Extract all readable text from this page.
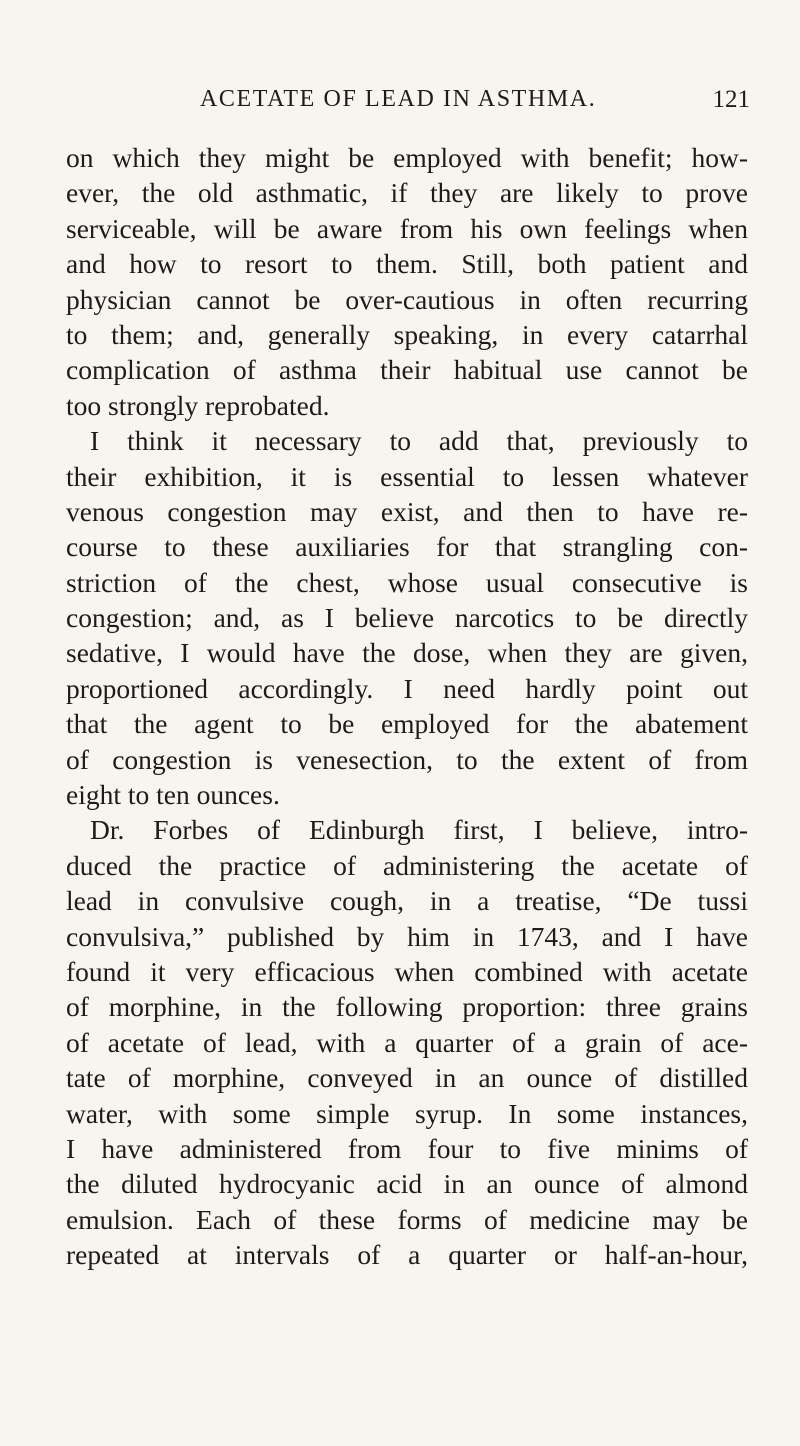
ACETATE OF LEAD IN ASTHMA.	121
on which they might be employed with benefit; how-
ever, the old asthmatic, if they are likely to prove
serviceable, will be aware from his own feelings when
and how to resort to them. Still, both patient and
physician cannot be over-cautious in often recurring
to them; and, generally speaking, in every catarrhal
complication of asthma their habitual use cannot be
too strongly reprobated.
I think it necessary to add that, previously to
their exhibition, it is essential to lessen whatever
venous congestion may exist, and then to have re-
course to these auxiliaries for that strangling con-
striction of the chest, whose usual consecutive is
congestion; and, as I believe narcotics to be directly
sedative, I would have the dose, when they are given,
proportioned accordingly. I need hardly point out
that the agent to be employed for the abatement
of congestion is venesection, to the extent of from
eight to ten ounces.
Dr. Forbes of Edinburgh first, I believe, intro-
duced the practice of administering the acetate of
lead in convulsive cough, in a treatise, “De tussi
convulsiva,” published by him in 1743, and I have
found it very efficacious when combined with acetate
of morphine, in the following proportion: three grains
of acetate of lead, with a quarter of a grain of ace-
tate of morphine, conveyed in an ounce of distilled
water, with some simple syrup. In some instances,
I have administered from four to five minims of
the diluted hydrocyanic acid in an ounce of almond
emulsion. Each of these forms of medicine may be
repeated at intervals of a quarter or half-an-hour,
